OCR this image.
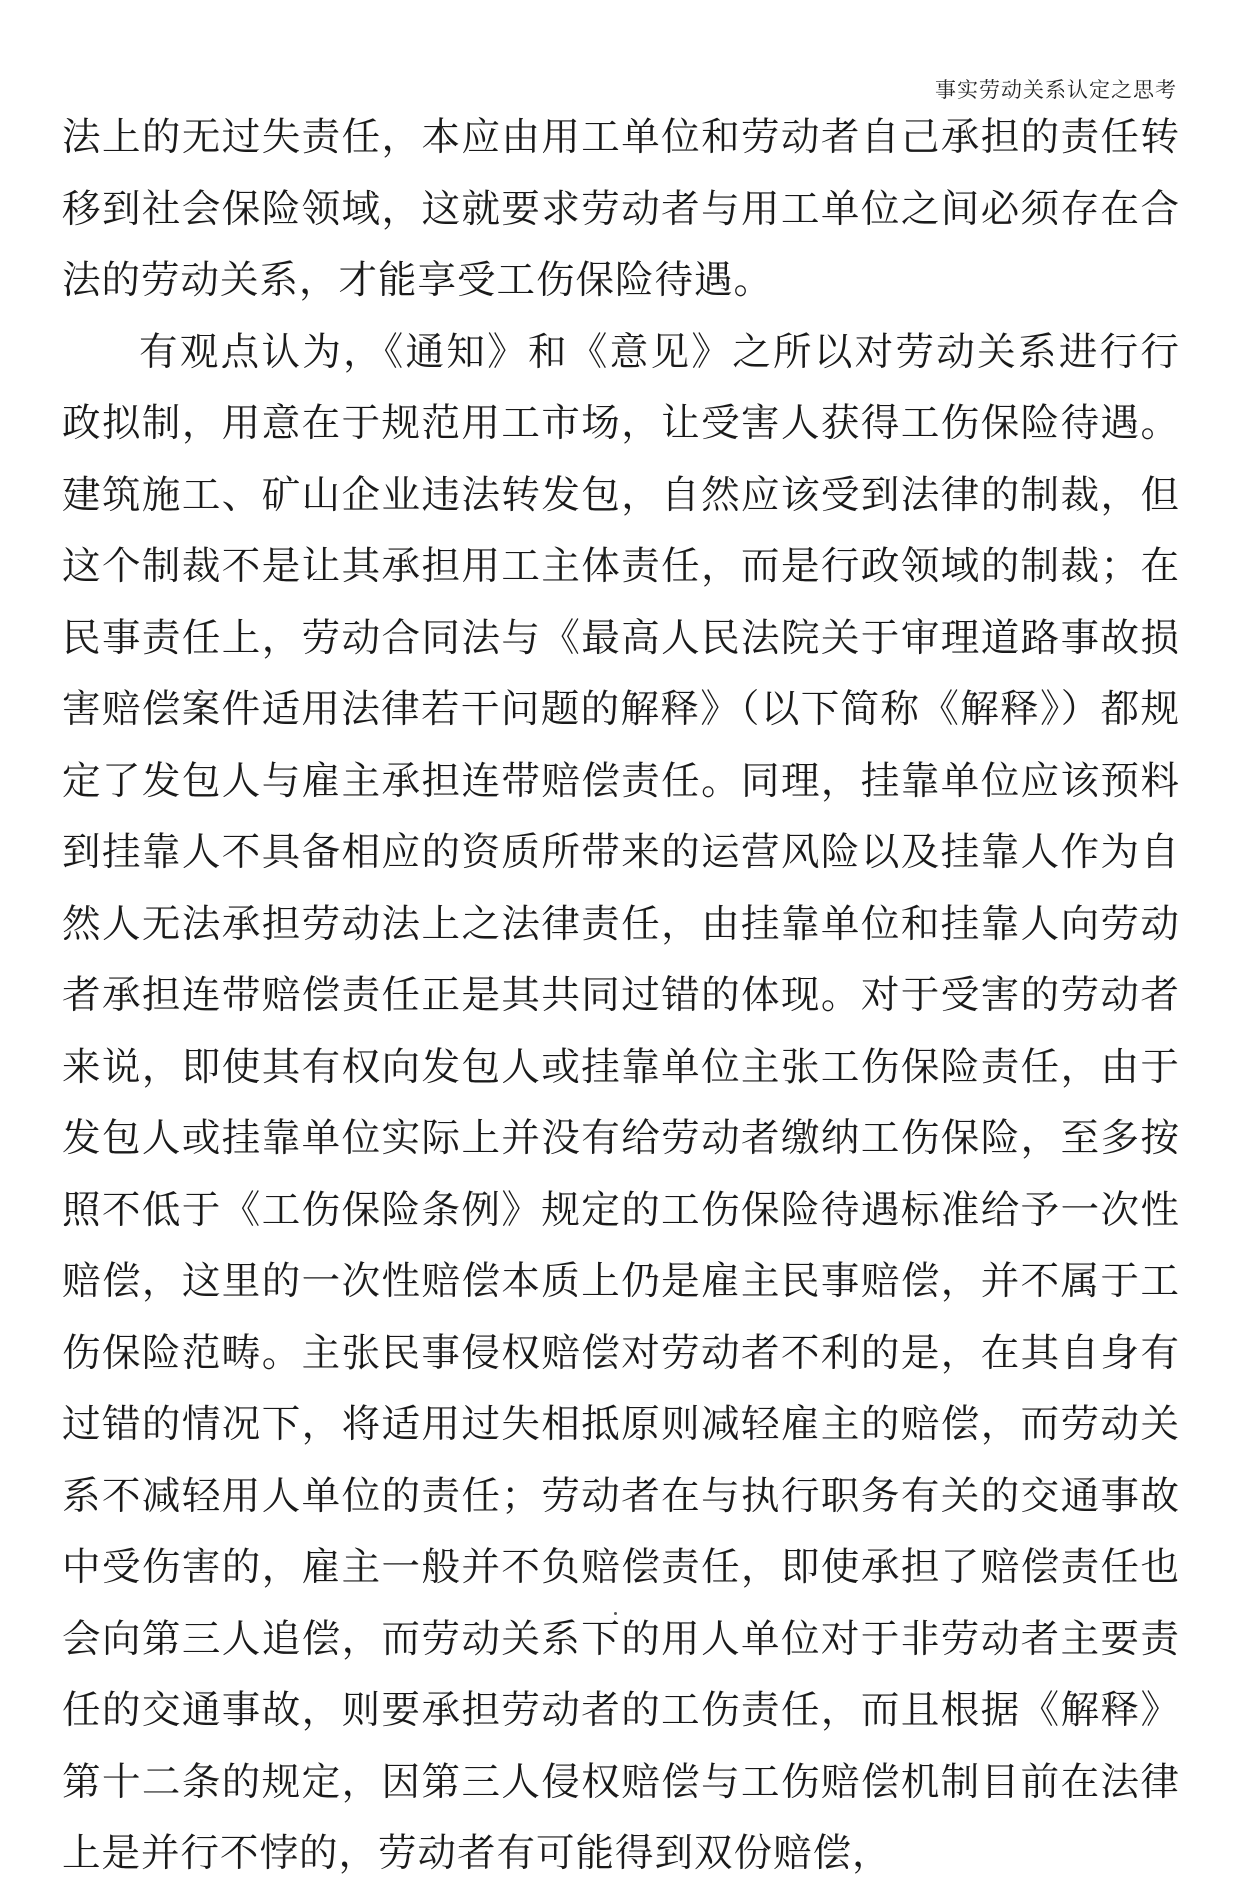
事实劳动关系认定之思考

法上的无过失责任，本应由用工单位和劳动者自己承担的责任转移到社会保险领域，这就要求劳动者与用工单位之间必须存在合法的劳动关系，才能享受工伤保险待遇。

有观点认为，《通知》和《意见》之所以对劳动关系进行行政拟制，用意在于规范用工市场，让受害人获得工伤保险待遇。建筑施工、矿山企业违法转发包，自然应该受到法律的制裁，但这个制裁不是让其承担用工主体责任，而是行政领域的制裁；在民事责任上，劳动合同法与《最高人民法院关于审理道路事故损害赔偿案件适用法律若干问题的解释》（以下简称《解释》）都规定了发包人与雇主承担连带赔偿责任。同理，挂靠单位应该预料到挂靠人不具备相应的资质所带来的运营风险以及挂靠人作为自然人无法承担劳动法上之法律责任，由挂靠单位和挂靠人向劳动者承担连带赔偿责任正是其共同过错的体现。对于受害的劳动者来说，即使其有权向发包人或挂靠单位主张工伤保险责任，由于发包人或挂靠单位实际上并没有给劳动者缴纳工伤保险，至多按照不低于《工伤保险条例》规定的工伤保险待遇标准给予一次性赔偿，这里的一次性赔偿本质上仍是雇主民事赔偿，并不属于工伤保险范畴。主张民事侵权赔偿对劳动者不利的是，在其自身有过错的情况下，将适用过失相抵原则减轻雇主的赔偿，而劳动关系不减轻用人单位的责任；劳动者在与执行职务有关的交通事故中受伤害的，雇主一般并不负赔偿责任，即使承担了赔偿责任也会向第三人追偿，而劳动关系下的用人单位对于非劳动者主要责任的交通事故，则要承担劳动者的工伤责任，而且根据《解释》第十二条的规定，因第三人侵权赔偿与工伤赔偿机制目前在法律上是并行不悖的，劳动者有可能得到双份赔偿，
